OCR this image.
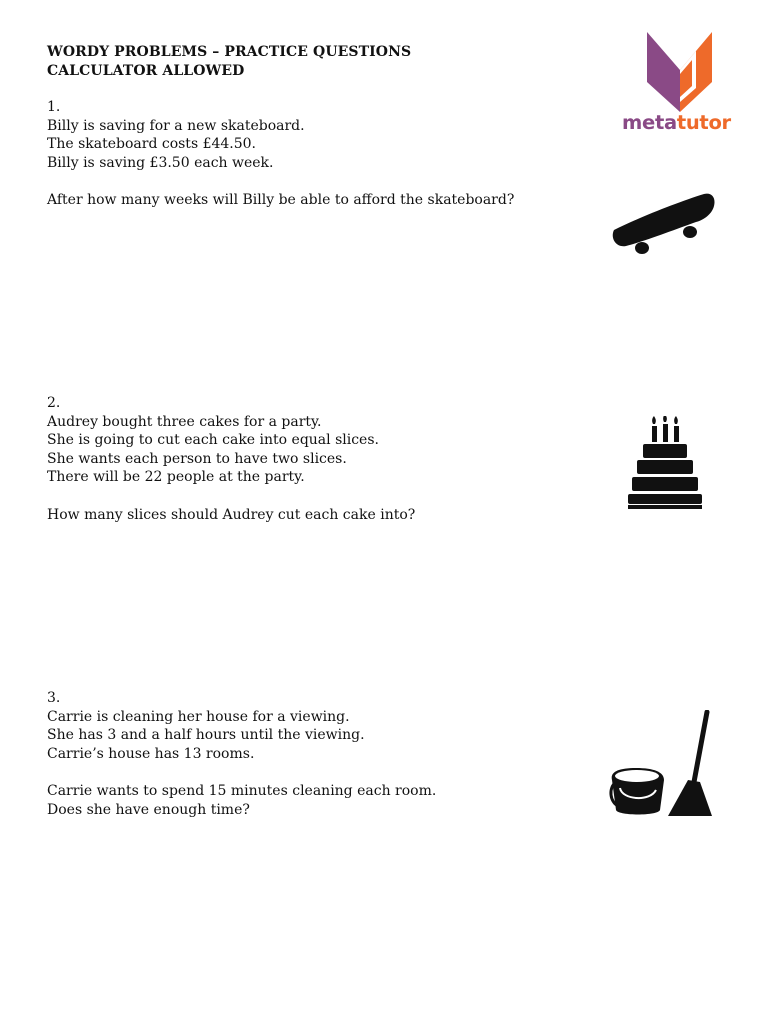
WORDY PROBLEMS – PRACTICE QUESTIONS
CALCULATOR ALLOWED
metatutor

1.

Billy is saving for a new skateboard.

The skateboard costs £44.50.

Billy is saving £3.50 each week.

After how many weeks will Billy be able to afford the skateboard?

2.

Audrey bought three cakes for a party.

She is going to cut each cake into equal slices.

She wants each person to have two slices.

There will be 22 people at the party.

How many slices should Audrey cut each cake into?

3.

Carrie is cleaning her house for a viewing.

She has 3 and a half hours until the viewing.

Carrie’s house has 13 rooms.

Carrie wants to spend 15 minutes cleaning each room.

Does she have enough time?
